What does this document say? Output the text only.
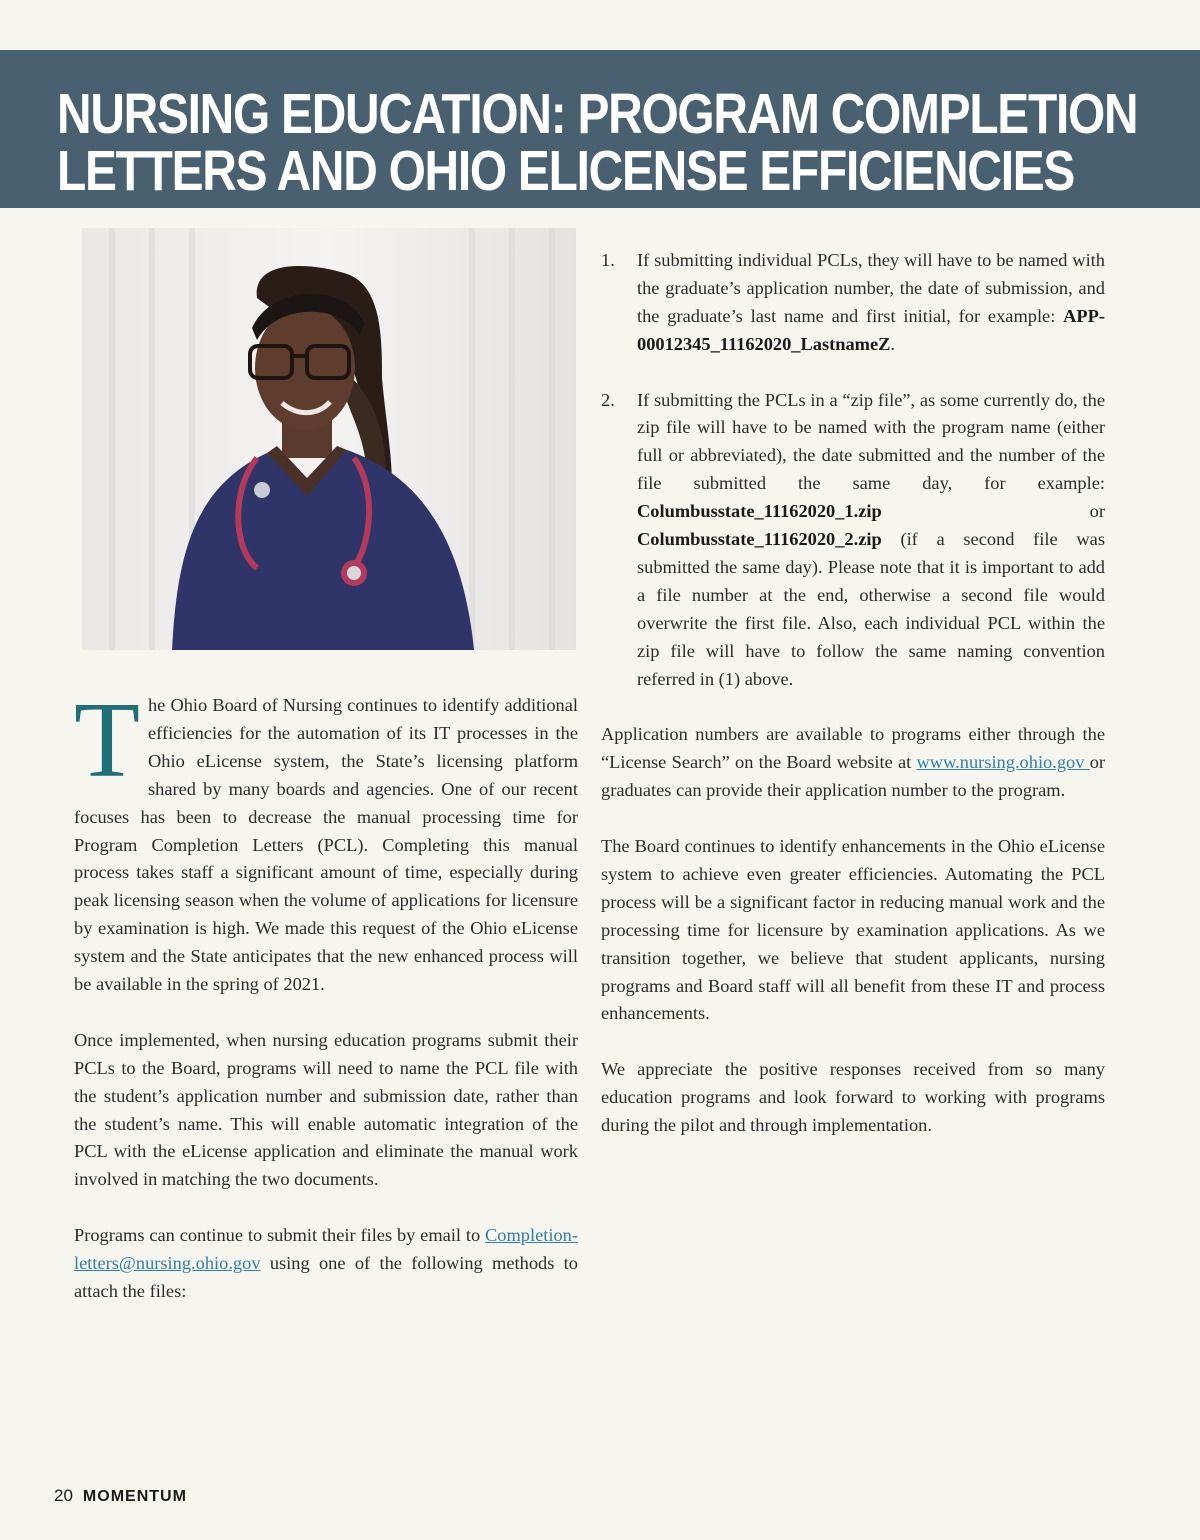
NURSING EDUCATION: PROGRAM COMPLETION
LETTERS AND OHIO ELICENSE EFFICIENCIES

The Ohio Board of Nursing continues to identify additional efficiencies for the automation of its IT processes in the Ohio eLicense system, the State’s licensing platform shared by many boards and agencies. One of our recent focuses has been to decrease the manual processing time for Program Completion Letters (PCL). Completing this manual process takes staff a significant amount of time, especially during peak licensing season when the volume of applications for licensure by examination is high. We made this request of the Ohio eLicense system and the State anticipates that the new enhanced process will be available in the spring of 2021.

Once implemented, when nursing education programs submit their PCLs to the Board, programs will need to name the PCL file with the student’s application number and submission date, rather than the student’s name. This will enable automatic integration of the PCL with the eLicense application and eliminate the manual work involved in matching the two documents.

Programs can continue to submit their files by email to Completion-letters@nursing.ohio.gov using one of the following methods to attach the files:

1. If submitting individual PCLs, they will have to be named with the graduate’s application number, the date of submission, and the graduate’s last name and first initial, for example: APP-00012345_11162020_LastnameZ.
2. If submitting the PCLs in a “zip file”, as some currently do, the zip file will have to be named with the program name (either full or abbreviated), the date submitted and the number of the file submitted the same day, for example: Columbusstate_11162020_1.zip or Columbusstate_11162020_2.zip (if a second file was submitted the same day). Please note that it is important to add a file number at the end, otherwise a second file would overwrite the first file. Also, each individual PCL within the zip file will have to follow the same naming convention referred in (1) above.

Application numbers are available to programs either through the “License Search” on the Board website at www.nursing.ohio.gov or graduates can provide their application number to the program.

The Board continues to identify enhancements in the Ohio eLicense system to achieve even greater efficiencies. Automating the PCL process will be a significant factor in reducing manual work and the processing time for licensure by examination applications. As we transition together, we believe that student applicants, nursing programs and Board staff will all benefit from these IT and process enhancements.

We appreciate the positive responses received from so many education programs and look forward to working with programs during the pilot and through implementation.

20 MOMENTUM
